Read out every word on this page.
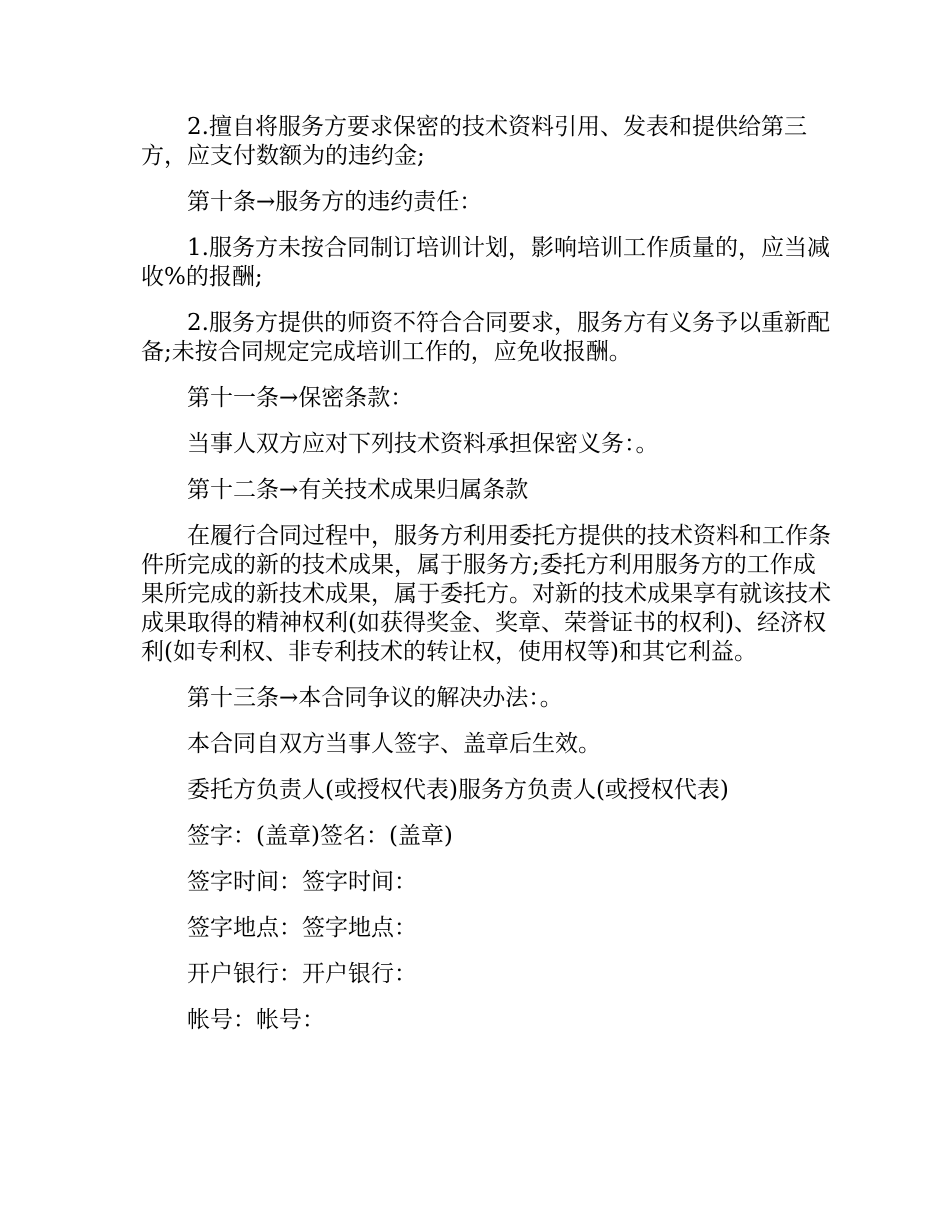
2.擅自将服务方要求保密的技术资料引用、发表和提供给第三方，应支付数额为的违约金;

第十条→服务方的违约责任：

1.服务方未按合同制订培训计划，影响培训工作质量的，应当减收%的报酬;

2.服务方提供的师资不符合合同要求，服务方有义务予以重新配备;未按合同规定完成培训工作的，应免收报酬。

第十一条→保密条款：

当事人双方应对下列技术资料承担保密义务：。

第十二条→有关技术成果归属条款

在履行合同过程中，服务方利用委托方提供的技术资料和工作条件所完成的新的技术成果，属于服务方;委托方利用服务方的工作成果所完成的新技术成果，属于委托方。对新的技术成果享有就该技术成果取得的精神权利(如获得奖金、奖章、荣誉证书的权利)、经济权利(如专利权、非专利技术的转让权，使用权等)和其它利益。

第十三条→本合同争议的解决办法：。

本合同自双方当事人签字、盖章后生效。

委托方负责人(或授权代表)服务方负责人(或授权代表)

签字：(盖章)签名：(盖章)

签字时间：签字时间：

签字地点：签字地点：

开户银行：开户银行：

帐号：帐号：
